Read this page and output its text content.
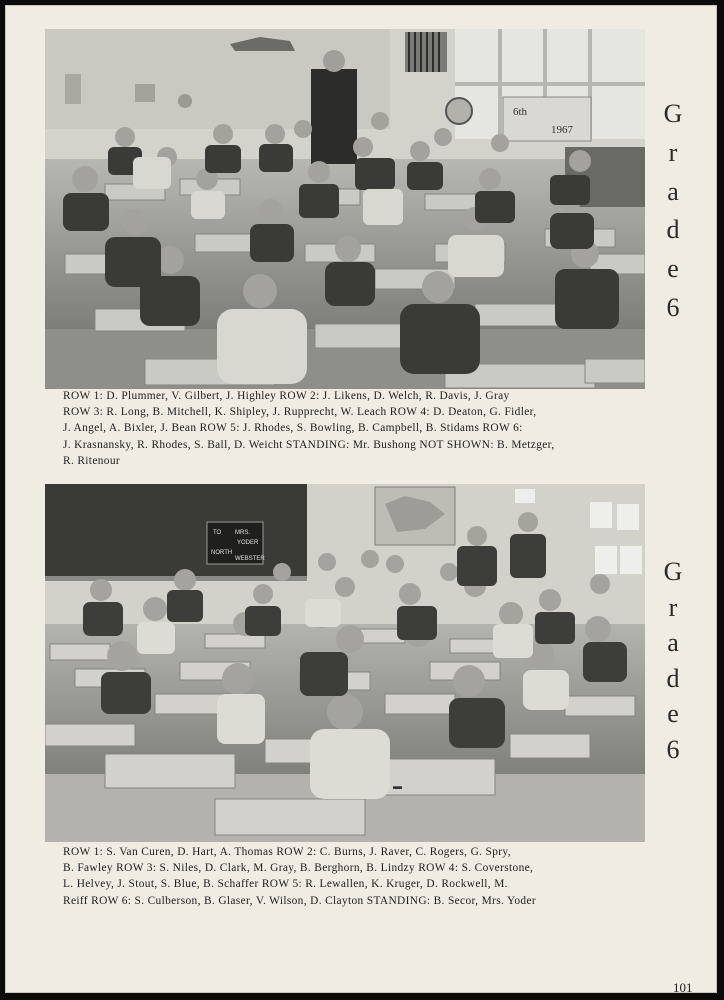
6th
1967
G
r
a
d
e
6
ROW 1: D. Plummer, V. Gilbert, J. Highley ROW 2: J. Likens, D. Welch, R. Davis, J. Gray
ROW 3: R. Long, B. Mitchell, K. Shipley, J. Rupprecht, W. Leach ROW 4: D. Deaton, G. Fidler,
J. Angel, A. Bixler, J. Bean ROW 5: J. Rhodes, S. Bowling, B. Campbell, B. Stidams ROW 6:
J. Krasnansky, R. Rhodes, S. Ball, D. Weicht STANDING: Mr. Bushong NOT SHOWN: B. Metzger,
R. Ritenour
TO MRS.
YODER
NORTH
WEBSTER
▬
G
r
a
d
e
6
ROW 1: S. Van Curen, D. Hart, A. Thomas ROW 2: C. Burns, J. Raver, C. Rogers, G. Spry,
B. Fawley ROW 3: S. Niles, D. Clark, M. Gray, B. Berghorn, B. Lindzy ROW 4: S. Coverstone,
L. Helvey, J. Stout, S. Blue, B. Schaffer ROW 5: R. Lewallen, K. Kruger, D. Rockwell, M.
Reiff ROW 6: S. Culberson, B. Glaser, V. Wilson, D. Clayton STANDING: B. Secor, Mrs. Yoder
101
